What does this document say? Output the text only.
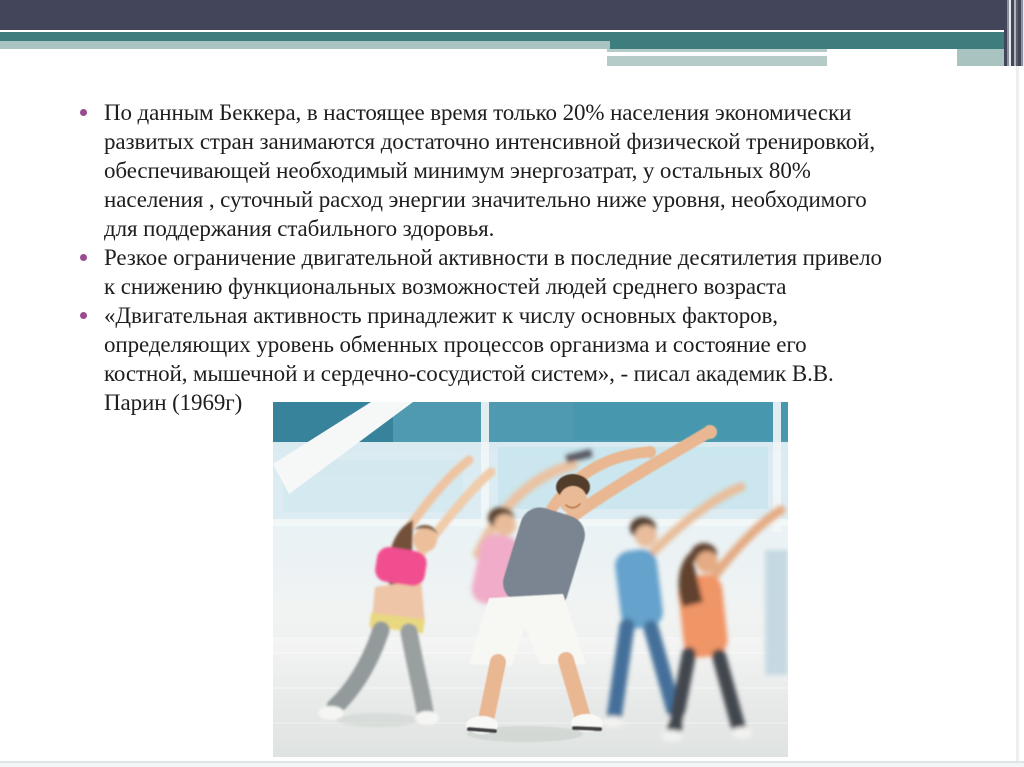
По данным Беккера, в настоящее время только 20% населения экономически
развитых стран занимаются достаточно интенсивной физической тренировкой,
обеспечивающей необходимый минимум энергозатрат, у остальных 80%
населения , суточный расход энергии значительно ниже уровня, необходимого
для поддержания стабильного здоровья.
Резкое ограничение двигательной активности в последние десятилетия привело
к снижению функциональных возможностей людей среднего возраста
«Двигательная активность принадлежит к числу основных факторов,
определяющих уровень обменных процессов организма и состояние его
костной, мышечной и сердечно-сосудистой систем», - писал академик В.В.
Парин (1969г)
